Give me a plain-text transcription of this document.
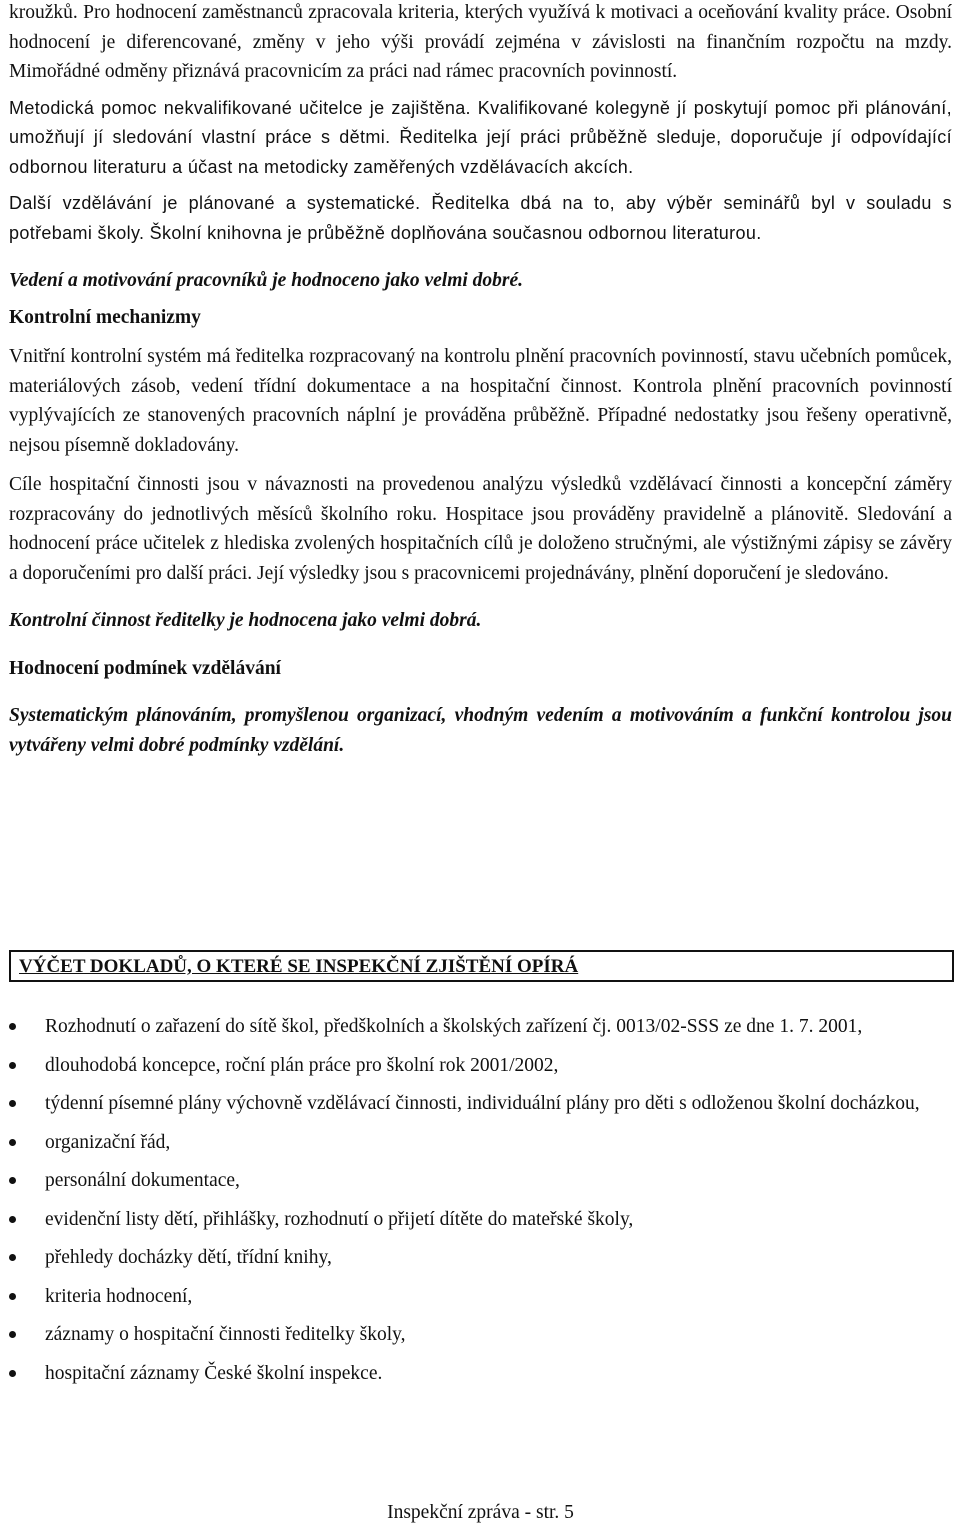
kroužků. Pro hodnocení zaměstnanců zpracovala kriteria, kterých využívá k motivaci a oceňování kvality práce. Osobní hodnocení je diferencované, změny v jeho výši provádí zejména v závislosti na finančním rozpočtu na mzdy. Mimořádné odměny přiznává pracovnicím za práci nad rámec pracovních povinností.

Metodická pomoc nekvalifikované učitelce je zajištěna. Kvalifikované kolegyně jí poskytují pomoc při plánování, umožňují jí sledování vlastní práce s dětmi. Ředitelka její práci průběžně sleduje, doporučuje jí odpovídající odbornou literaturu a účast na metodicky zaměřených vzdělávacích akcích.

Další vzdělávání je plánované a systematické. Ředitelka dbá na to, aby výběr seminářů byl v souladu s potřebami školy. Školní knihovna je průběžně doplňována současnou odbornou literaturou.

Vedení a motivování pracovníků je hodnoceno jako velmi dobré.

Kontrolní mechanizmy

Vnitřní kontrolní systém má ředitelka rozpracovaný na kontrolu plnění pracovních povinností, stavu učebních pomůcek, materiálových zásob, vedení třídní dokumentace a na hospitační činnost. Kontrola plnění pracovních povinností vyplývajících ze stanovených pracovních náplní je prováděna průběžně. Případné nedostatky jsou řešeny operativně, nejsou písemně dokladovány.

Cíle hospitační činnosti jsou v návaznosti na provedenou analýzu výsledků vzdělávací činnosti a koncepční záměry rozpracovány do jednotlivých měsíců školního roku. Hospitace jsou prováděny pravidelně a plánovitě. Sledování a hodnocení práce učitelek z hlediska zvolených hospitačních cílů je doloženo stručnými, ale výstižnými zápisy se závěry a doporučeními pro další práci. Její výsledky jsou s pracovnicemi projednávány, plnění doporučení je sledováno.

Kontrolní činnost ředitelky je hodnocena jako velmi dobrá.

Hodnocení podmínek vzdělávání

Systematickým plánováním, promyšlenou organizací, vhodným vedením a motivováním a funkční kontrolou jsou vytvářeny velmi dobré podmínky vzdělání.

VÝČET DOKLADŮ, O KTERÉ SE INSPEKČNÍ ZJIŠTĚNÍ OPÍRÁ
Rozhodnutí o zařazení do sítě škol, předškolních a školských zařízení čj. 0013/02-SSS ze dne 1. 7. 2001,
dlouhodobá koncepce, roční plán práce pro školní rok 2001/2002,
týdenní písemné plány výchovně vzdělávací činnosti, individuální plány pro děti s odloženou školní docházkou,
organizační řád,
personální dokumentace,
evidenční listy dětí, přihlášky, rozhodnutí o přijetí dítěte do mateřské školy,
přehledy docházky dětí, třídní knihy,
kriteria hodnocení,
záznamy o hospitační činnosti ředitelky školy,
hospitační záznamy České školní inspekce.
Inspekční zpráva - str. 5
